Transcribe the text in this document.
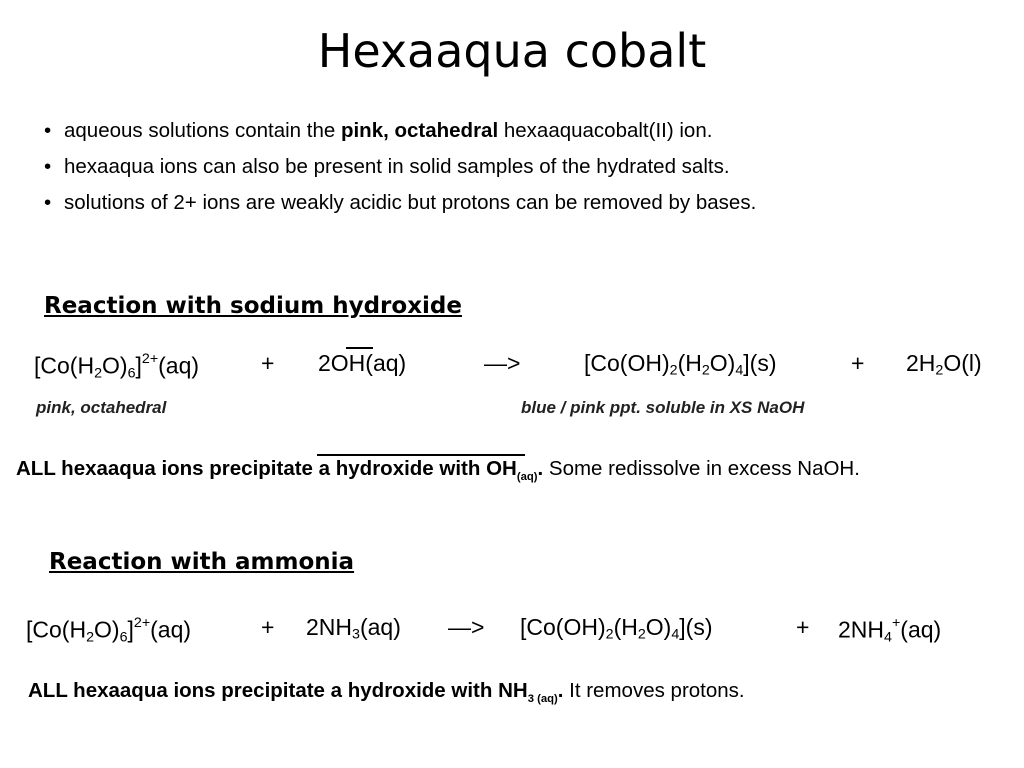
Hexaaqua cobalt
• aqueous solutions contain the pink, octahedral hexaaquacobalt(II) ion.
• hexaaqua ions can also be present in solid samples of the hydrated salts.
• solutions of 2+ ions are weakly acidic but protons can be removed by bases.
Reaction with sodium hydroxide
$[Co(H_2O)_6]^{2+}(aq)$	+ 2OH(aq)	—>	$[Co(OH)_2(H_2O)_4](s)$	+ $2H_2O(l)$
pink, octahedral	blue / pink ppt. soluble in XS NaOH
ALL hexaaqua ions precipitate a hydroxide with $OH_{(aq)}$. Some redissolve in excess NaOH.
Reaction with ammonia
$[Co(H_2O)_6]^{2+}(aq)$	+ $2NH_3(aq)$ —> $[Co(OH)_2(H_2O)_4](s)$	+ $2NH_4^+(aq)$
ALL hexaaqua ions precipitate a hydroxide with $NH_3$ $_{(aq)}$. It removes protons.
